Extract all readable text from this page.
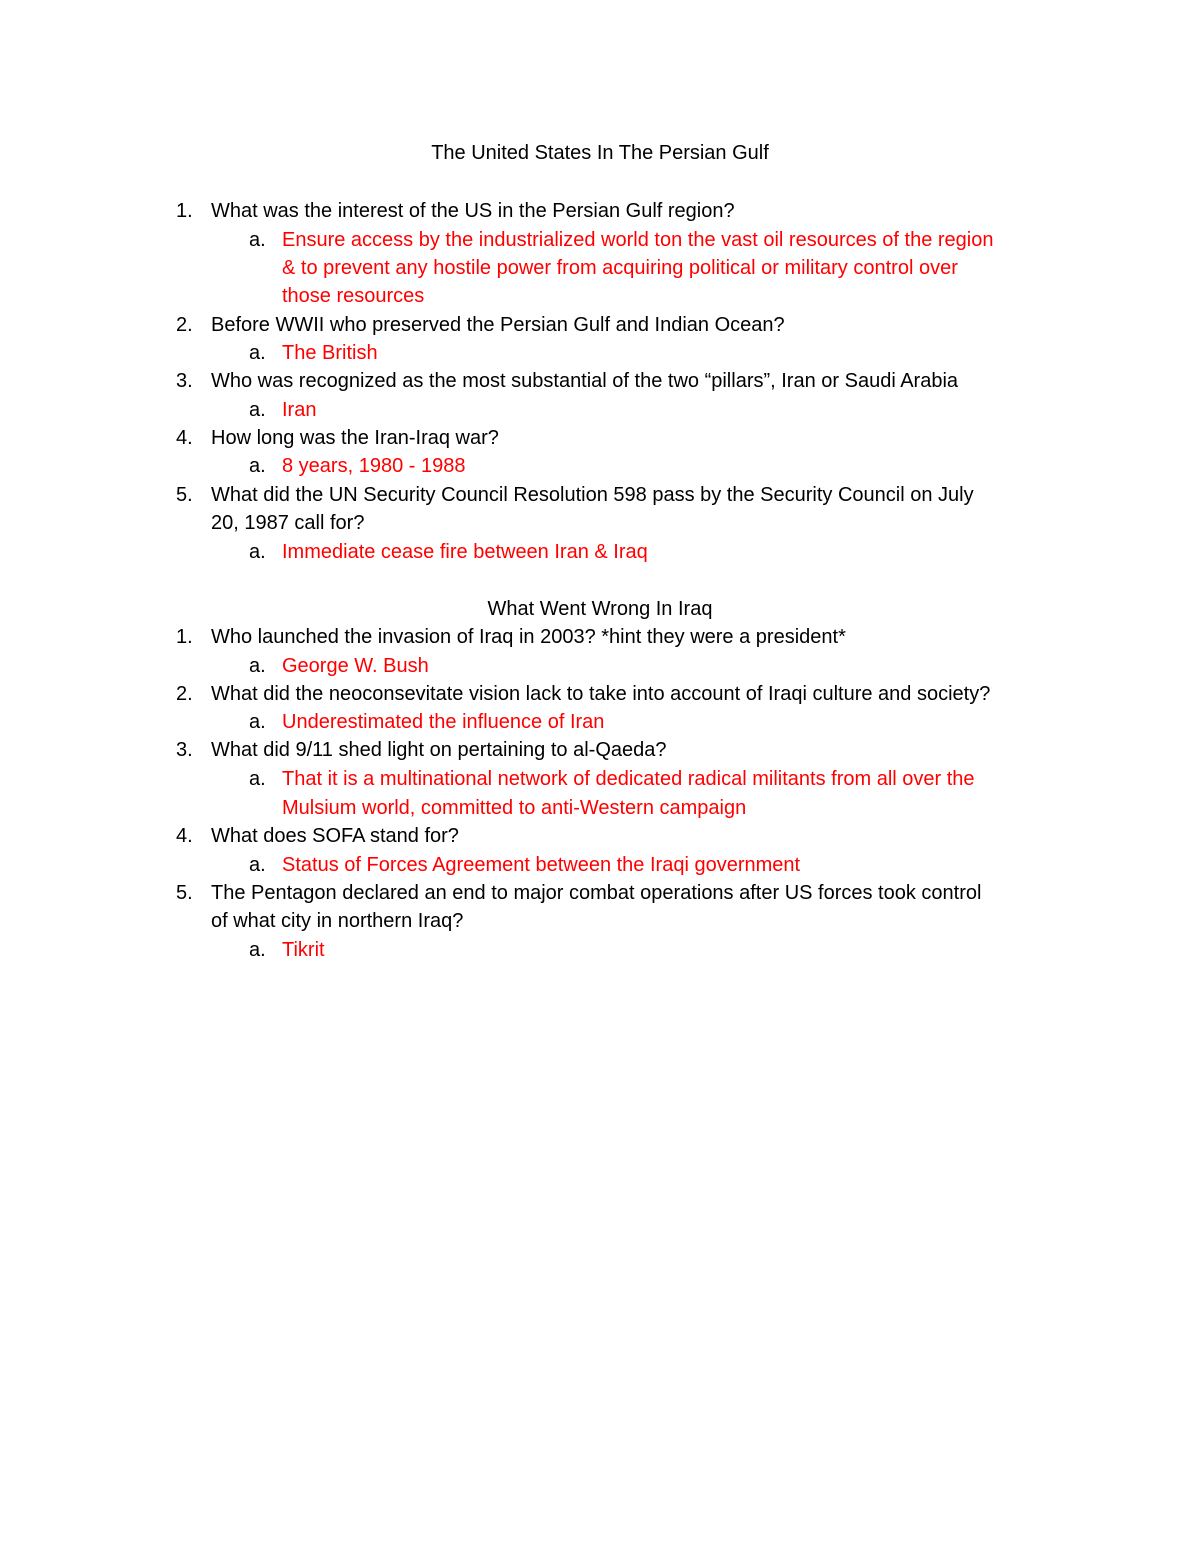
The United States In The Persian Gulf
1. What was the interest of the US in the Persian Gulf region?
a. Ensure access by the industrialized world ton the vast oil resources of the region
& to prevent any hostile power from acquiring political or military control over
those resources
2. Before WWII who preserved the Persian Gulf and Indian Ocean?
a. The British
3. Who was recognized as the most substantial of the two “pillars”, Iran or Saudi Arabia
a. Iran
4. How long was the Iran-Iraq war?
a. 8 years, 1980 - 1988
5. What did the UN Security Council Resolution 598 pass by the Security Council on July
20, 1987 call for?
a. Immediate cease fire between Iran & Iraq
What Went Wrong In Iraq
1. Who launched the invasion of Iraq in 2003? *hint they were a president*
a. George W. Bush
2. What did the neoconsevitate vision lack to take into account of Iraqi culture and society?
a. Underestimated the influence of Iran
3. What did 9/11 shed light on pertaining to al-Qaeda?
a. That it is a multinational network of dedicated radical militants from all over the
Mulsium world, committed to anti-Western campaign
4. What does SOFA stand for?
a. Status of Forces Agreement between the Iraqi government
5. The Pentagon declared an end to major combat operations after US forces took control
of what city in northern Iraq?
a. Tikrit
